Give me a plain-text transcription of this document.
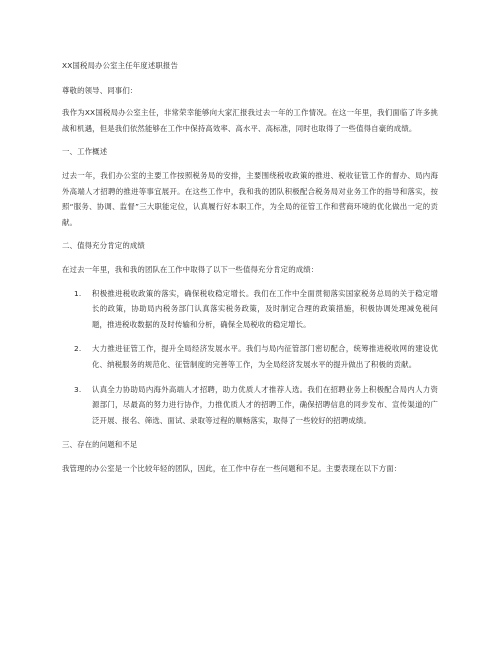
XX国税局办公室主任年度述职报告
尊敬的领导、同事们：
我作为XX国税局办公室主任，非常荣幸能够向大家汇报我过去一年的工作情况。在这一年里，我们面临了许多挑战和机遇，但是我们依然能够在工作中保持高效率、高水平、高标准，同时也取得了一些值得自豪的成绩。
一、工作概述
过去一年，我们办公室的主要工作按照税务局的安排，主要围绕税收政策的推进、税收征管工作的督办、局内海外高端人才招聘的推进等事宜展开。在这些工作中，我和我的团队积极配合税务局对业务工作的指导和落实，按照“服务、协调、监督”三大职能定位，认真履行好本职工作，为全局的征管工作和营商环境的优化做出一定的贡献。
二、值得充分肯定的成绩
在过去一年里，我和我的团队在工作中取得了以下一些值得充分肯定的成绩：
1. 积极推进税收政策的落实，确保税收稳定增长。我们在工作中全面贯彻落实国家税务总局的关于稳定增长的政策，协助局内税务部门认真落实税务政策，及时制定合理的政策措施，积极协调处理减免税问题，推进税收数据的及时传输和分析，确保全局税收的稳定增长。
2. 大力推进征管工作，提升全局经济发展水平。我们与局内征管部门密切配合，统筹推进税收网的建设优化、纳税服务的规范化、征管制度的完善等工作，为全局经济发展水平的提升做出了积极的贡献。
3. 认真全力协助局内海外高端人才招聘，助力优质人才推荐人选。我们在招聘业务上积极配合局内人力资源部门，尽最高的努力进行协作，力推优质人才的招聘工作，确保招聘信息的同步发布、宣传渠道的广泛开展、报名、筛选、面试、录取等过程的顺畅落实，取得了一些较好的招聘成绩。
三、存在的问题和不足
我管理的办公室是一个比较年轻的团队，因此，在工作中存在一些问题和不足。主要表现在以下方面：
